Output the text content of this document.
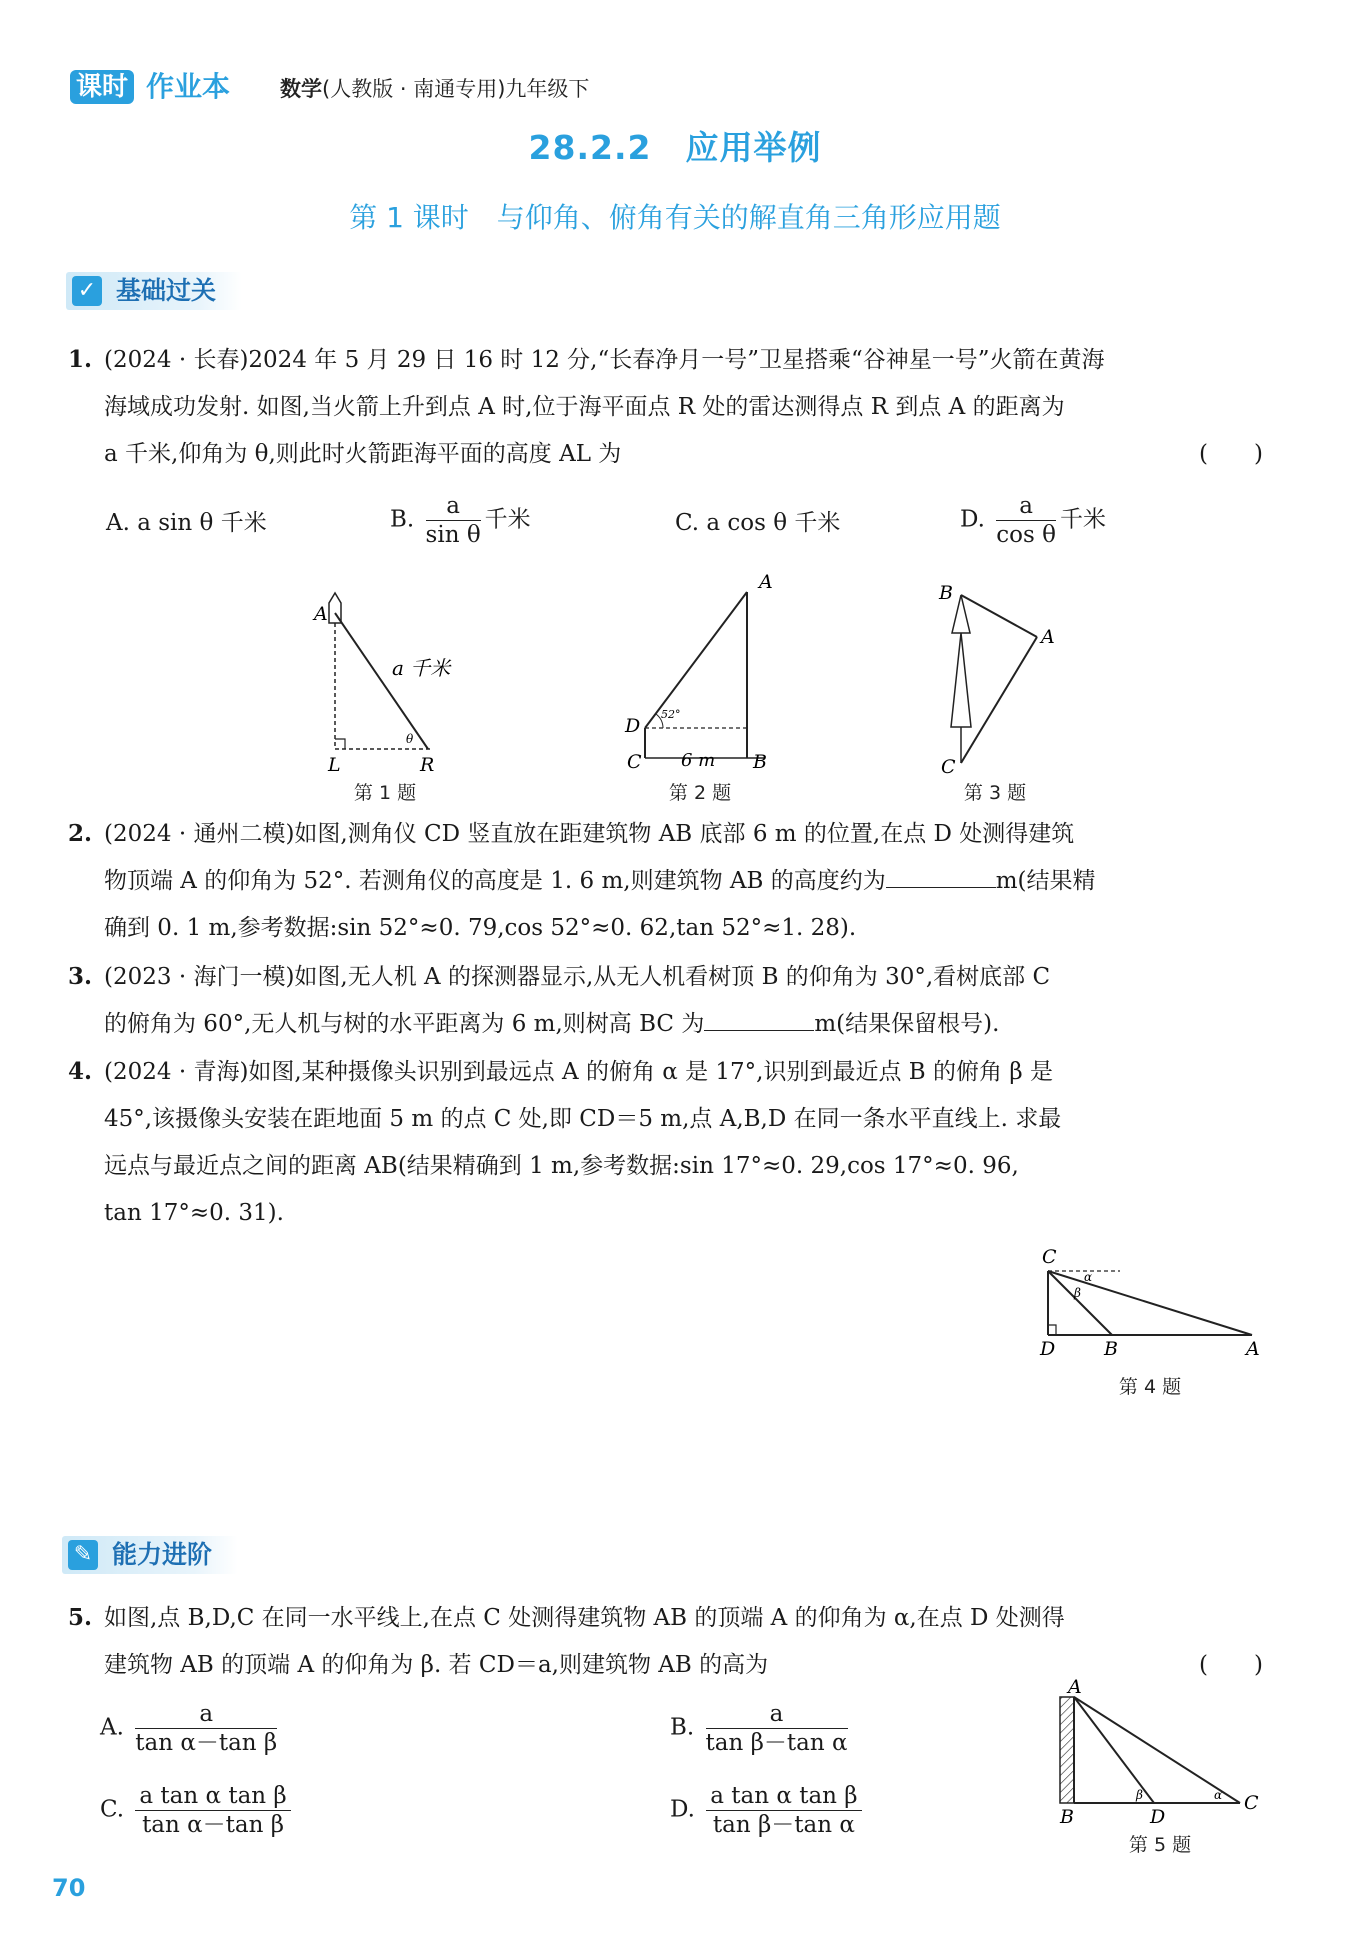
课时 作业本 数学(人教版 · 南通专用)九年级下
28.2.2　应用举例
第 1 课时　与仰角、俯角有关的解直角三角形应用题
✓ 基础过关
1. (2024 · 长春)2024 年 5 月 29 日 16 时 12 分,“长春净月一号”卫星搭乘“谷神星一号”火箭在黄海
海域成功发射. 如图,当火箭上升到点 A 时,位于海平面点 R 处的雷达测得点 R 到点 A 的距离为
a 千米,仰角为 θ,则此时火箭距海平面的高度 AL 为	(　　)
A. a sin θ 千米	B. $\frac{a}{\text{sin θ}}$ 千米	C. a cos θ 千米	D. $\frac{a}{\text{cos θ}}$ 千米
A
L	R
a 千米
θ
第 1 题
A
D
C	B
52°
6 m
第 2 题
B
A
C
第 3 题
2. (2024 · 通州二模)如图,测角仪 CD 竖直放在距建筑物 AB 底部 6 m 的位置,在点 D 处测得建筑
物顶端 A 的仰角为 52°. 若测角仪的高度是 1. 6 m,则建筑物 AB 的高度约为	m(结果精
确到 0. 1 m,参考数据:sin 52°≈0. 79,cos 52°≈0. 62,tan 52°≈1. 28).
3. (2023 · 海门一模)如图,无人机 A 的探测器显示,从无人机看树顶 B 的仰角为 30°,看树底部 C
的俯角为 60°,无人机与树的水平距离为 6 m,则树高 BC 为	m(结果保留根号).
4. (2024 · 青海)如图,某种摄像头识别到最远点 A 的俯角 α 是 17°,识别到最近点 B 的俯角 β 是
45°,该摄像头安装在距地面 5 m 的点 C 处,即 CD＝5 m,点 A,B,D 在同一条水平直线上. 求最
远点与最近点之间的距离 AB(结果精确到 1 m,参考数据:sin 17°≈0. 29,cos 17°≈0. 96,
tan 17°≈0. 31).
C
D	B	A
α
β
第 4 题
✎ 能力进阶
5. 如图,点 B,D,C 在同一水平线上,在点 C 处测得建筑物 AB 的顶端 A 的仰角为 α,在点 D 处测得
建筑物 AB 的顶端 A 的仰角为 β. 若 CD＝a,则建筑物 AB 的高为	(　　)
A. $\frac{a}{\text{tan α－tan β}}$	B. $\frac{a}{\text{tan β－tan α}}$
C. $\frac{\text{a tan α tan β}}{\text{tan α－tan β}}$	D. $\frac{\text{a tan α tan β}}{\text{tan β－tan α}}$
A
B	D
C
β	α
第 5 题
70
